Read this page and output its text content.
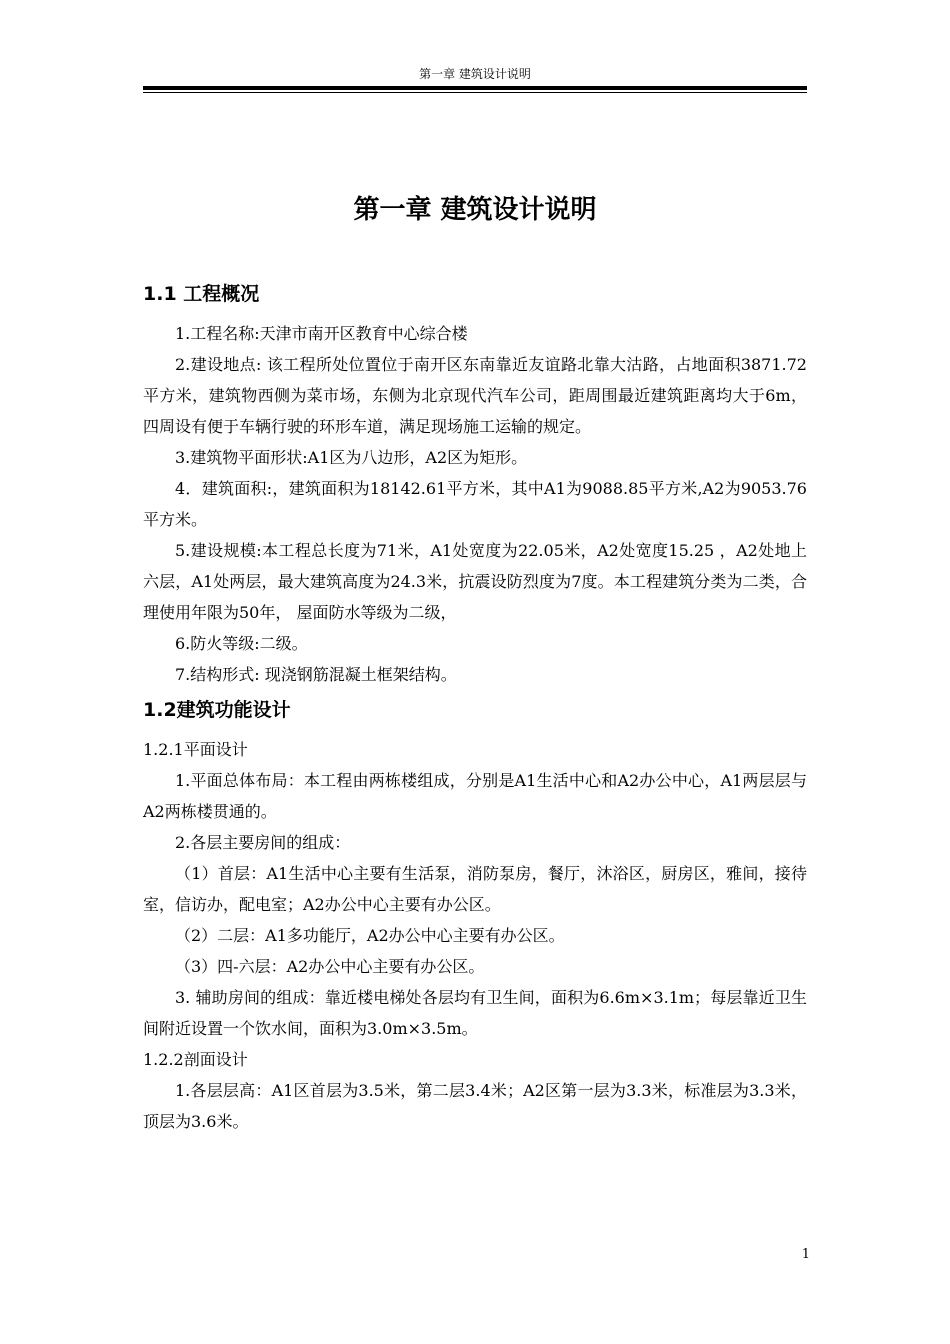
第一章 建筑设计说明
第一章 建筑设计说明
1.1 工程概况

1.工程名称:天津市南开区教育中心综合楼

2.建设地点: 该工程所处位置位于南开区东南靠近友谊路北靠大沽路，占地面积3871.72平方米，建筑物西侧为菜市场，东侧为北京现代汽车公司，距周围最近建筑距离均大于6m，四周设有便于车辆行驶的环形车道，满足现场施工运输的规定。

3.建筑物平面形状:A1区为八边形，A2区为矩形。

4．建筑面积:，建筑面积为18142.61平方米，其中A1为9088.85平方米,A2为9053.76平方米。

5.建设规模:本工程总长度为71米，A1处宽度为22.05米，A2处宽度15.25 ，A2处地上六层，A1处两层，最大建筑高度为24.3米，抗震设防烈度为7度。本工程建筑分类为二类，合理使用年限为50年， 屋面防水等级为二级，

6.防火等级:二级。

7.结构形式: 现浇钢筋混凝土框架结构。

1.2建筑功能设计
1.2.1平面设计

1.平面总体布局：本工程由两栋楼组成，分别是A1生活中心和A2办公中心，A1两层层与A2两栋楼贯通的。

2.各层主要房间的组成：

（1）首层：A1生活中心主要有生活泵，消防泵房，餐厅，沐浴区，厨房区，雅间，接待室，信访办，配电室；A2办公中心主要有办公区。

（2）二层：A1多功能厅，A2办公中心主要有办公区。

（3）四-六层：A2办公中心主要有办公区。

3. 辅助房间的组成：靠近楼电梯处各层均有卫生间，面积为6.6m×3.1m；每层靠近卫生间附近设置一个饮水间，面积为3.0m×3.5m。

1.2.2剖面设计

1.各层层高：A1区首层为3.5米，第二层3.4米；A2区第一层为3.3米，标准层为3.3米，顶层为3.6米。

1
